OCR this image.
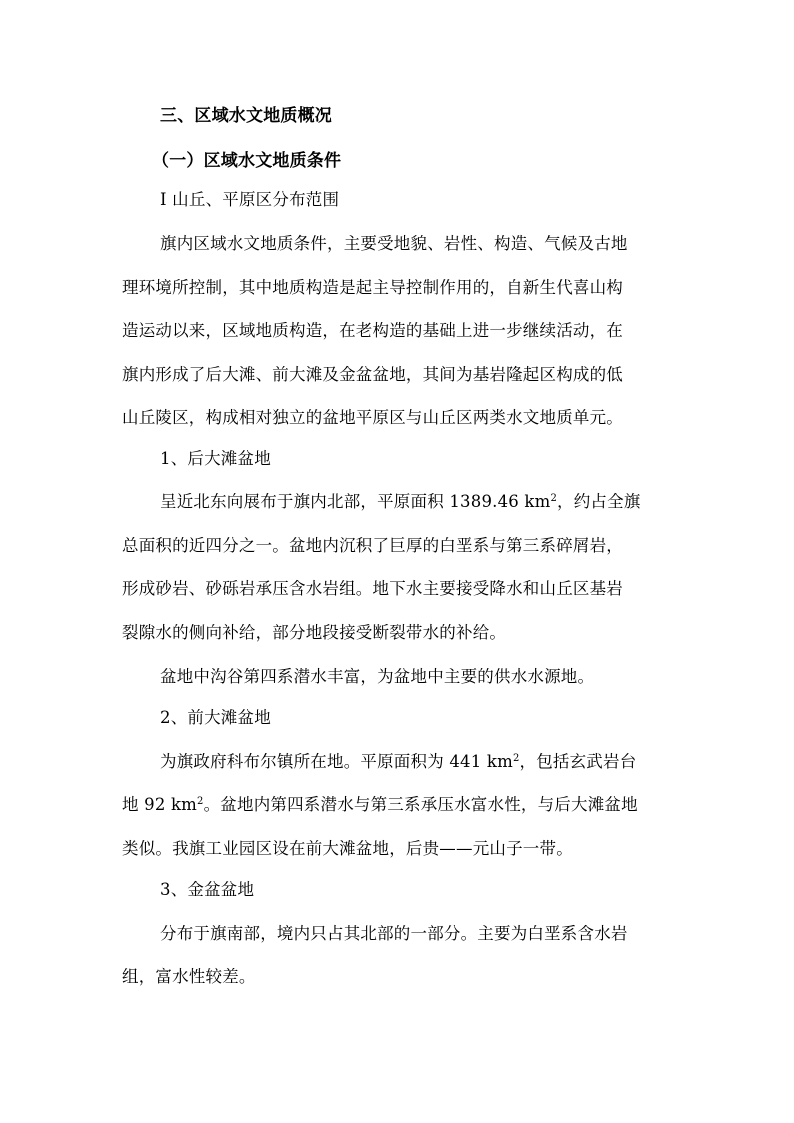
三、区域水文地质概况
（一）区域水文地质条件
Ⅰ 山丘、平原区分布范围
旗内区域水文地质条件，主要受地貌、岩性、构造、气候及古地
理环境所控制，其中地质构造是起主导控制作用的，自新生代喜山构
造运动以来，区域地质构造，在老构造的基础上进一步继续活动，在
旗内形成了后大滩、前大滩及金盆盆地，其间为基岩隆起区构成的低
山丘陵区，构成相对独立的盆地平原区与山丘区两类水文地质单元。
1、后大滩盆地
呈近北东向展布于旗内北部，平原面积 1389.46 $km^2$，约占全旗
总面积的近四分之一。盆地内沉积了巨厚的白垩系与第三系碎屑岩，
形成砂岩、砂砾岩承压含水岩组。地下水主要接受降水和山丘区基岩
裂隙水的侧向补给，部分地段接受断裂带水的补给。
盆地中沟谷第四系潜水丰富，为盆地中主要的供水水源地。
2、前大滩盆地
为旗政府科布尔镇所在地。平原面积为 441 $km^2$，包括玄武岩台
地 92 $km^2$。盆地内第四系潜水与第三系承压水富水性，与后大滩盆地
类似。我旗工业园区设在前大滩盆地，后贵——元山子一带。
3、金盆盆地
分布于旗南部，境内只占其北部的一部分。主要为白垩系含水岩
组，富水性较差。
